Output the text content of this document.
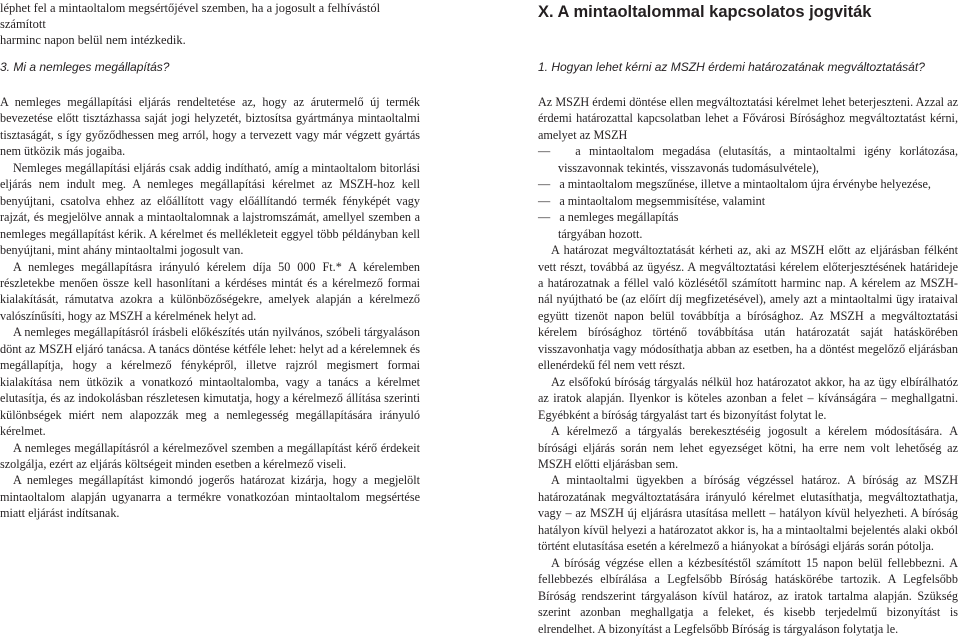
léphet fel a mintaoltalom megsértőjével szemben, ha a jogosult a felhívástól számított
harminc napon belül nem intézkedik.
3. Mi a nemleges megállapítás?

A nemleges megállapítási eljárás rendeltetése az, hogy az árutermelő új termék bevezetése előtt tisztázhassa saját jogi helyzetét, biztosítsa gyártmánya mintaoltalmi tisztaságát, s így győződhessen meg arról, hogy a tervezett vagy már végzett gyártás nem ütközik más jogaiba.

Nemleges megállapítási eljárás csak addig indítható, amíg a mintaoltalom bitorlási eljárás nem indult meg. A nemleges megállapítási kérelmet az MSZH-hoz kell benyújtani, csatolva ehhez az előállított vagy előállítandó termék fényképét vagy rajzát, és megjelölve annak a mintaoltalomnak a lajstromszámát, amellyel szemben a nemleges megállapítást kérik. A kérelmet és mellékleteit eggyel több példányban kell benyújtani, mint ahány mintaoltalmi jogosult van.

A nemleges megállapításra irányuló kérelem díja 50 000 Ft.* A kérelemben részletekbe menően össze kell hasonlítani a kérdéses mintát és a kérelmező formai kialakítását, rámutatva azokra a különbözőségekre, amelyek alapján a kérelmező valószínűsíti, hogy az MSZH a kérelmének helyt ad.

A nemleges megállapításról írásbeli előkészítés után nyilvános, szóbeli tárgyaláson dönt az MSZH eljáró tanácsa. A tanács döntése kétféle lehet: helyt ad a kérelemnek és megállapítja, hogy a kérelmező fényképről, illetve rajzról megismert formai kialakítása nem ütközik a vonatkozó mintaoltalomba, vagy a tanács a kérelmet elutasítja, és az indokolásban részletesen kimutatja, hogy a kérelmező állítása szerinti különbségek miért nem alapozzák meg a nemlegesség megállapítására irányuló kérelmet.

A nemleges megállapításról a kérelmezővel szemben a megállapítást kérő érdekeit szolgálja, ezért az eljárás költségeit minden esetben a kérelmező viseli.

A nemleges megállapítást kimondó jogerős határozat kizárja, hogy a megjelölt mintaoltalom alapján ugyanarra a termékre vonatkozóan mintaoltalom megsértése miatt eljárást indítsanak.

X. A mintaoltalommal kapcsolatos jogviták
1. Hogyan lehet kérni az MSZH érdemi határozatának megváltoztatását?

Az MSZH érdemi döntése ellen megváltoztatási kérelmet lehet beterjeszteni. Azzal az érdemi határozattal kapcsolatban lehet a Fővárosi Bírósághoz megváltoztatást kérni, amelyet az MSZH

—   a mintaoltalom megadása (elutasítás, a mintaoltalmi igény korlátozása, visszavonnak tekintés, visszavonás tudomásulvétele),
—   a mintaoltalom megszűnése, illetve a mintaoltalom újra érvénybe helyezése,
—   a mintaoltalom megsemmisítése, valamint
—   a nemleges megállapítás

tárgyában hozott.

A határozat megváltoztatását kérheti az, aki az MSZH előtt az eljárásban félként vett részt, továbbá az ügyész. A megváltoztatási kérelem előterjesztésének határideje a határozatnak a féllel való közlésétől számított harminc nap. A kérelem az MSZH-nál nyújtható be (az előírt díj megfizetésével), amely azt a mintaoltalmi ügy irataival együtt tizenöt napon belül továbbítja a bírósághoz. Az MSZH a megváltoztatási kérelem bírósághoz történő továbbítása után határozatát saját hatáskörében visszavonhatja vagy módosíthatja abban az esetben, ha a döntést megelőző eljárásban ellenérdekű fél nem vett részt.

Az elsőfokú bíróság tárgyalás nélkül hoz határozatot akkor, ha az ügy elbírálhatóz az iratok alapján. Ilyenkor is köteles azonban a felet – kívánságára – meghallgatni. Egyébként a bíróság tárgyalást tart és bizonyítást folytat le.

A kérelmező a tárgyalás berekesztéséig jogosult a kérelem módosítására. A bírósági eljárás során nem lehet egyezséget kötni, ha erre nem volt lehetőség az MSZH előtti eljárásban sem.

A mintaoltalmi ügyekben a bíróság végzéssel határoz. A bíróság az MSZH határozatának megváltoztatására irányuló kérelmet elutasíthatja, megváltoztathatja, vagy – az MSZH új eljárásra utasítása mellett – hatályon kívül helyezheti. A bíróság hatályon kívül helyezi a határozatot akkor is, ha a mintaoltalmi bejelentés alaki okból történt elutasítása esetén a kérelmező a hiányokat a bírósági eljárás során pótolja.

A bíróság végzése ellen a kézbesítéstől számított 15 napon belül fellebbezni. A fellebbezés elbírálása a Legfelsőbb Bíróság hatáskörébe tartozik. A Legfelsőbb Bíróság rendszerint tárgyaláson kívül határoz, az iratok tartalma alapján. Szükség szerint azonban meghallgatja a feleket, és kisebb terjedelmű bizonyítást is elrendelhet. A bizonyítást a Legfelsőbb Bíróság is tárgyaláson folytatja le.
